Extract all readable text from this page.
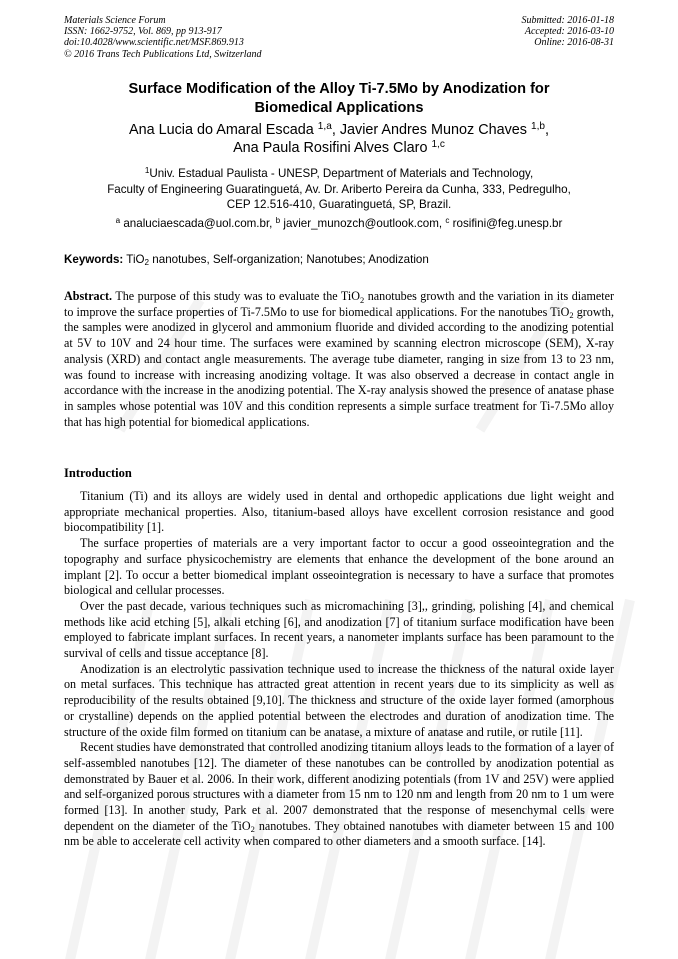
Materials Science Forum
ISSN: 1662-9752, Vol. 869, pp 913-917
doi:10.4028/www.scientific.net/MSF.869.913
© 2016 Trans Tech Publications Ltd, Switzerland
Submitted: 2016-01-18
Accepted: 2016-03-10
Online: 2016-08-31
Surface Modification of the Alloy Ti-7.5Mo by Anodization for
Biomedical Applications
Ana Lucia do Amaral Escada $^{1,a}$, Javier Andres Munoz Chaves $^{1,b}$,
Ana Paula Rosifini Alves Claro $^{1,c}$
$^1$Univ. Estadual Paulista - UNESP, Department of Materials and Technology,
Faculty of Engineering Guaratinguetá, Av. Dr. Ariberto Pereira da Cunha, 333, Pedregulho,
CEP 12.516-410, Guaratinguetá, SP, Brazil.
$^a$ analuciaescada@uol.com.br, $^b$ javier_munozch@outlook.com, $^c$ rosifini@feg.unesp.br
Keywords: TiO$_2$ nanotubes, Self-organization; Nanotubes; Anodization
Abstract. The purpose of this study was to evaluate the TiO$_2$ nanotubes growth and the variation in its diameter to improve the surface properties of Ti-7.5Mo to use for biomedical applications. For the nanotubes TiO$_2$ growth, the samples were anodized in glycerol and ammonium fluoride and divided according to the anodizing potential at 5V to 10V and 24 hour time. The surfaces were examined by scanning electron microscope (SEM), X-ray analysis (XRD) and contact angle measurements. The average tube diameter, ranging in size from 13 to 23 nm, was found to increase with increasing anodizing voltage. It was also observed a decrease in contact angle in accordance with the increase in the anodizing potential. The X-ray analysis showed the presence of anatase phase in samples whose potential was 10V and this condition represents a simple surface treatment for Ti-7.5Mo alloy that has high potential for biomedical applications.
Introduction

Titanium (Ti) and its alloys are widely used in dental and orthopedic applications due light weight and appropriate mechanical properties. Also, titanium-based alloys have excellent corrosion resistance and good biocompatibility [1].

The surface properties of materials are a very important factor to occur a good osseointegration and the topography and surface physicochemistry are elements that enhance the development of the bone around an implant [2]. To occur a better biomedical implant osseointegration is necessary to have a surface that promotes biological and cellular processes.

Over the past decade, various techniques such as micromachining [3],, grinding, polishing [4], and chemical methods like acid etching [5], alkali etching [6], and anodization [7] of titanium surface modification have been employed to fabricate implant surfaces. In recent years, a nanometer implants surface has been paramount to the survival of cells and tissue acceptance [8].

Anodization is an electrolytic passivation technique used to increase the thickness of the natural oxide layer on metal surfaces. This technique has attracted great attention in recent years due to its simplicity as well as reproducibility of the results obtained [9,10]. The thickness and structure of the oxide layer formed (amorphous or crystalline) depends on the applied potential between the electrodes and duration of anodization time. The structure of the oxide film formed on titanium can be anatase, a mixture of anatase and rutile, or rutile [11].

Recent studies have demonstrated that controlled anodizing titanium alloys leads to the formation of a layer of self-assembled nanotubes [12]. The diameter of these nanotubes can be controlled by anodization potential as demonstrated by Bauer et al. 2006. In their work, different anodizing potentials (from 1V and 25V) were applied and self-organized porous structures with a diameter from 15 nm to 120 nm and length from 20 nm to 1 um were formed [13]. In another study, Park et al. 2007 demonstrated that the response of mesenchymal cells were dependent on the diameter of the TiO$_2$ nanotubes. They obtained nanotubes with diameter between 15 and 100 nm be able to accelerate cell activity when compared to other diameters and a smooth surface. [14].
